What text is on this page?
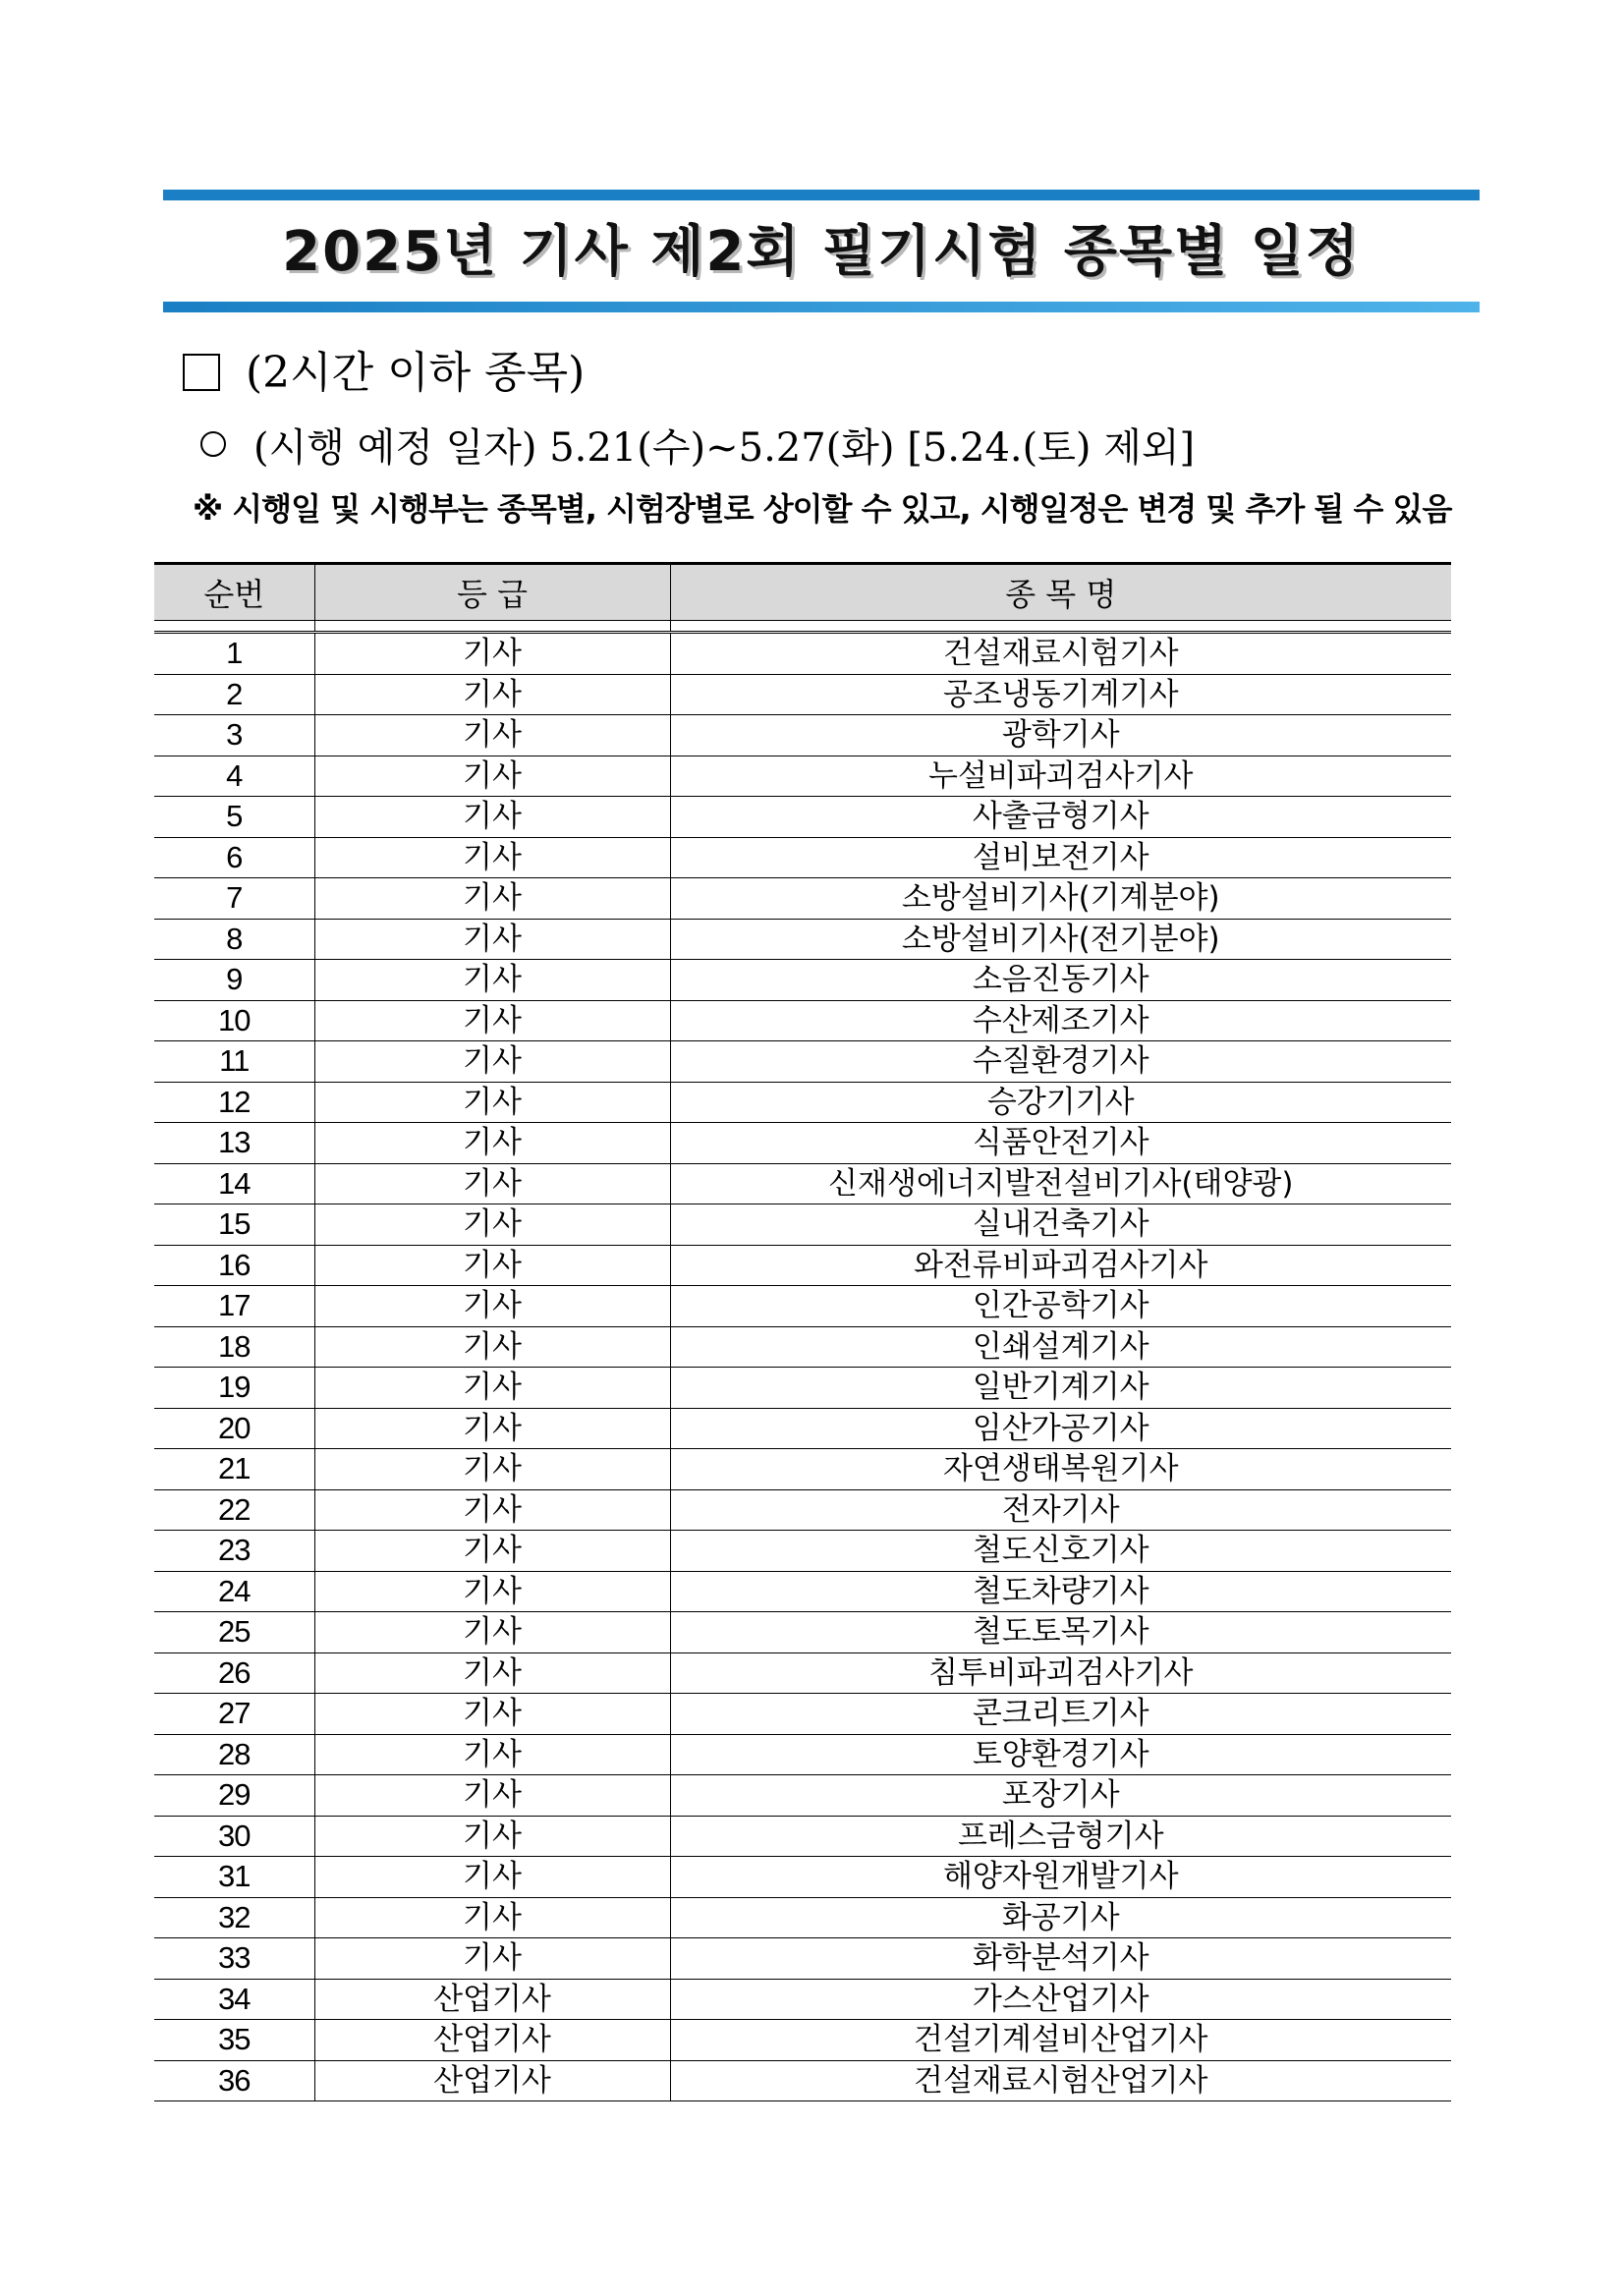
2025년 기사 제2회 필기시험 종목별 일정
(2시간 이하 종목)
(시행 예정 일자) 5.21(수)~5.27(화) [5.24.(토) 제외]
※ 시행일 및 시행부는 종목별, 시험장별로 상이할 수 있고, 시행일정은 변경 및 추가 될 수 있음
순번	등 급	종 목 명

1	기사	건설재료시험기사
2	기사	공조냉동기계기사
3	기사	광학기사
4	기사	누설비파괴검사기사
5	기사	사출금형기사
6	기사	설비보전기사
7	기사	소방설비기사(기계분야)
8	기사	소방설비기사(전기분야)
9	기사	소음진동기사
10	기사	수산제조기사
11	기사	수질환경기사
12	기사	승강기기사
13	기사	식품안전기사
14	기사	신재생에너지발전설비기사(태양광)
15	기사	실내건축기사
16	기사	와전류비파괴검사기사
17	기사	인간공학기사
18	기사	인쇄설계기사
19	기사	일반기계기사
20	기사	임산가공기사
21	기사	자연생태복원기사
22	기사	전자기사
23	기사	철도신호기사
24	기사	철도차량기사
25	기사	철도토목기사
26	기사	침투비파괴검사기사
27	기사	콘크리트기사
28	기사	토양환경기사
29	기사	포장기사
30	기사	프레스금형기사
31	기사	해양자원개발기사
32	기사	화공기사
33	기사	화학분석기사
34	산업기사	가스산업기사
35	산업기사	건설기계설비산업기사
36	산업기사	건설재료시험산업기사
